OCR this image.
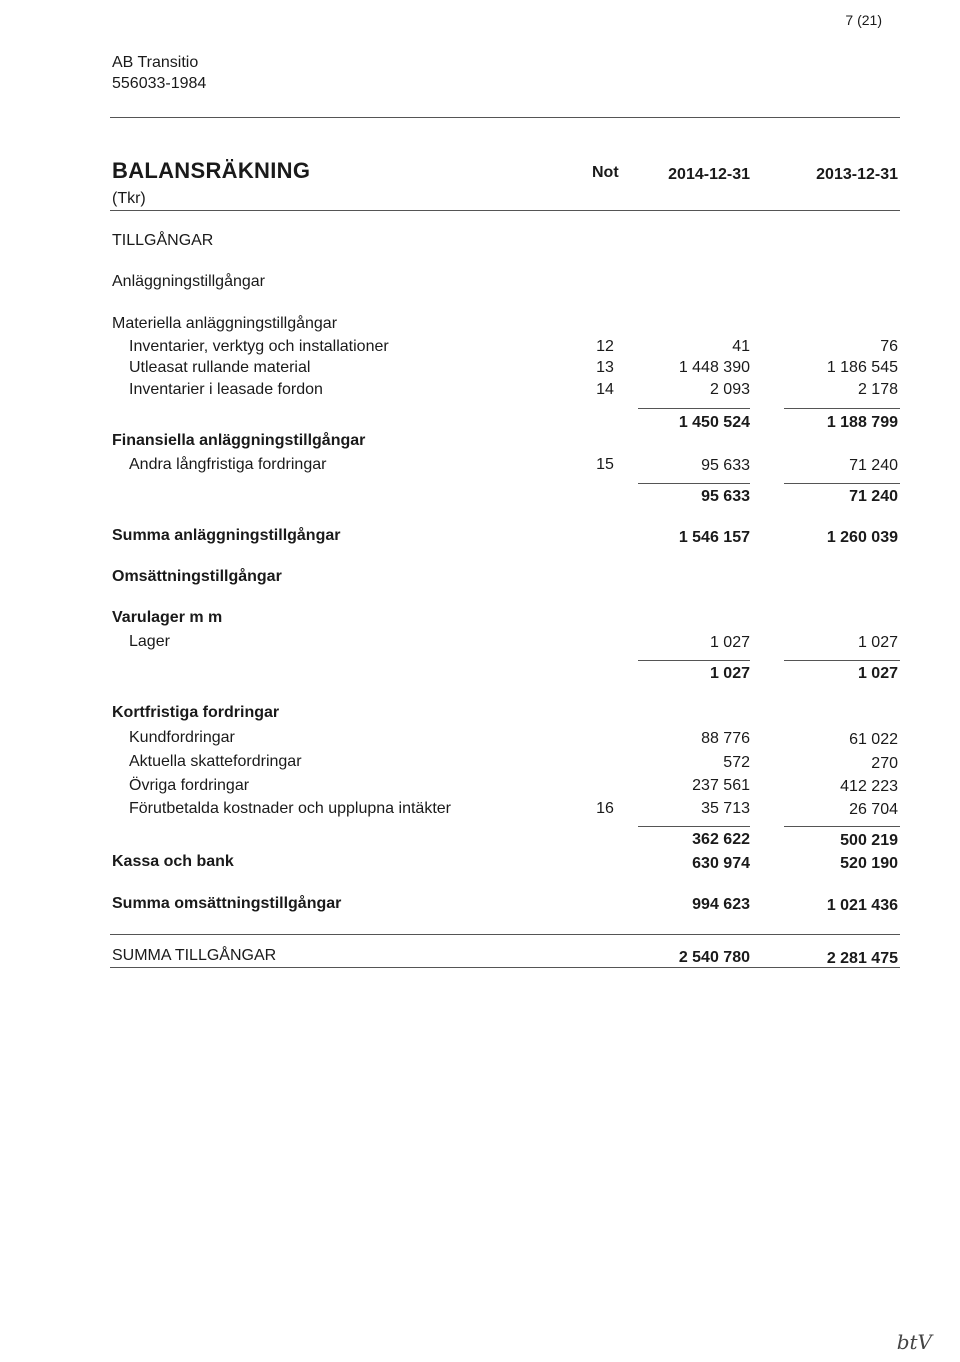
7 (21)
AB Transitio
556033-1984
BALANSRÄKNING	Not	2014-12-31	2013-12-31
(Tkr)
TILLGÅNGAR
Anläggningstillgångar
Materiella anläggningstillgångar
Inventarier, verktyg och installationer	12	41	76
Utleasat rullande material	13	1 448 390	1 186 545
Inventarier i leasade fordon	14	2 093	2 178
1 450 524	1 188 799
Finansiella anläggningstillgångar
Andra långfristiga fordringar	15	95 633	71 240
95 633	71 240
Summa anläggningstillgångar	1 546 157	1 260 039
Omsättningstillgångar
Varulager m m
Lager	1 027	1 027
1 027	1 027
Kortfristiga fordringar
Kundfordringar	88 776	61 022
Aktuella skattefordringar	572	270
Övriga fordringar	237 561	412 223
Förutbetalda kostnader och upplupna intäkter	16	35 713	26 704
362 622	500 219
Kassa och bank	630 974	520 190
Summa omsättningstillgångar	994 623	1 021 436
SUMMA TILLGÅNGAR	2 540 780	2 281 475
btV
